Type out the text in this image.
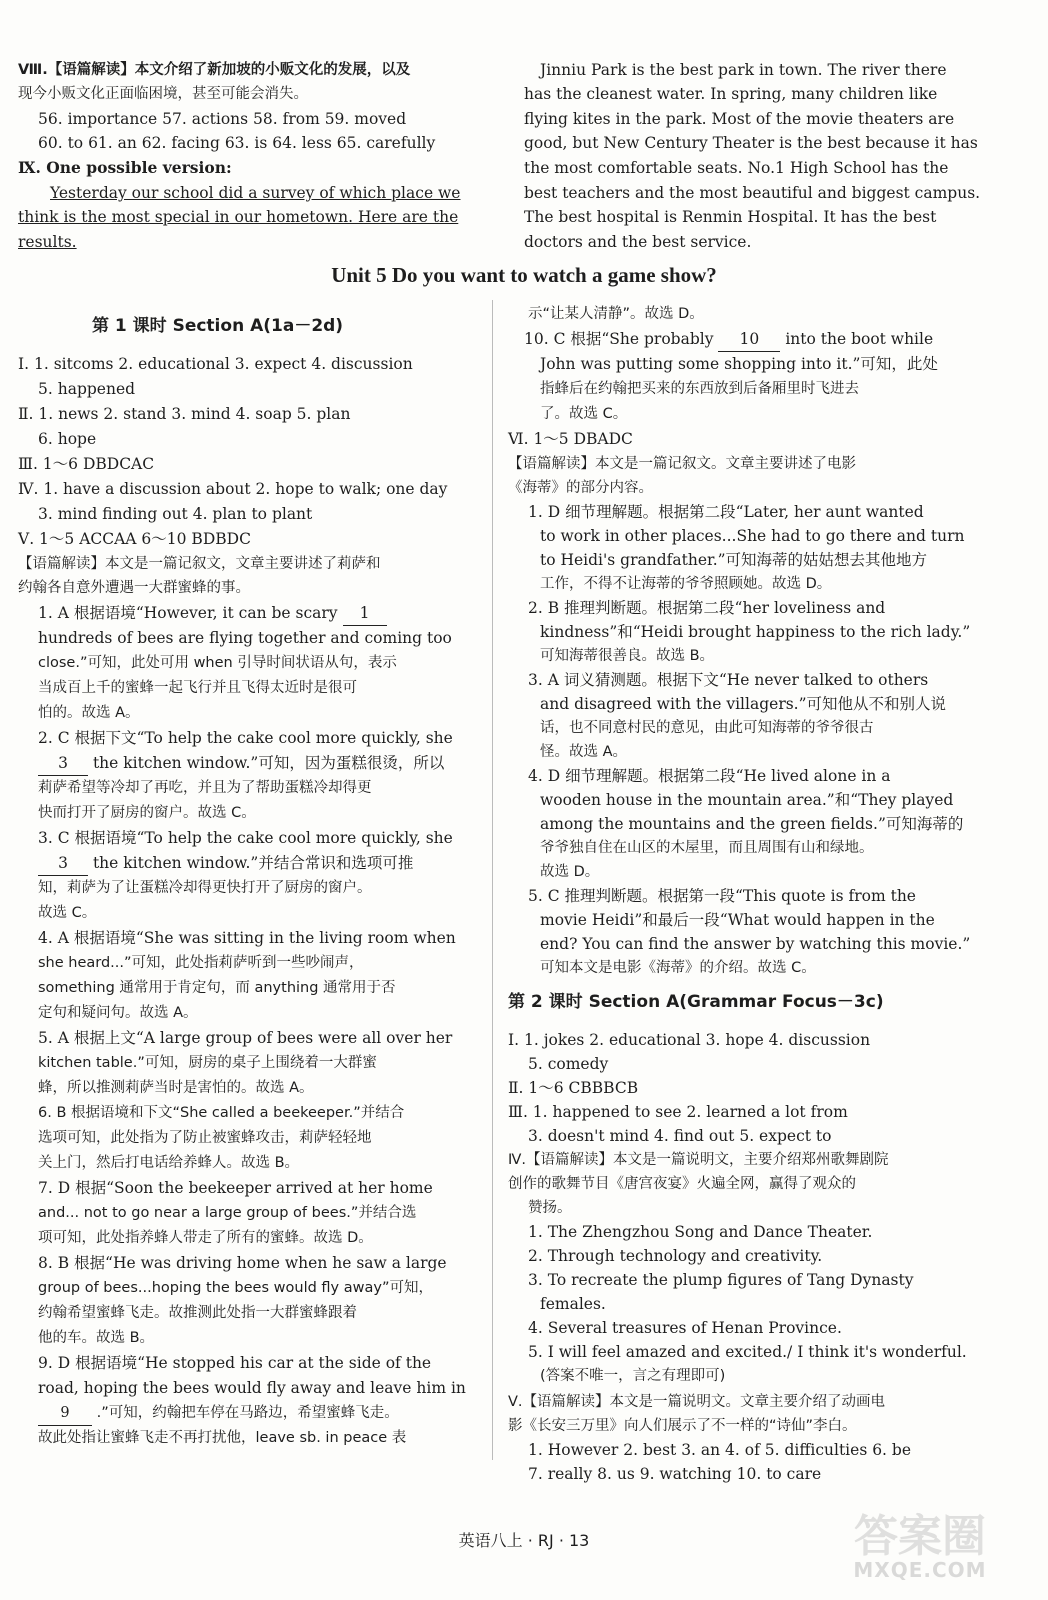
Ⅷ.【语篇解读】本文介绍了新加坡的小贩文化的发展，以及
现今小贩文化正面临困境，甚至可能会消失。
56. importance 57. actions 58. from 59. moved
60. to 61. an 62. facing 63. is 64. less 65. carefully
Ⅸ. One possible version:
Yesterday our school did a survey of which place we
think is the most special in our hometown. Here are the
results.
Jinniu Park is the best park in town. The river there
has the cleanest water. In spring, many children like
flying kites in the park. Most of the movie theaters are
good, but New Century Theater is the best because it has
the most comfortable seats. No.1 High School has the
best teachers and the most beautiful and biggest campus.
The best hospital is Renmin Hospital. It has the best
doctors and the best service.
Unit 5 Do you want to watch a game show?
第 1 课时 Section A(1a－2d)
Ⅰ. 1. sitcoms 2. educational 3. expect 4. discussion
5. happened
Ⅱ. 1. news 2. stand 3. mind 4. soap 5. plan
6. hope
Ⅲ. 1～6 DBDCAC
Ⅳ. 1. have a discussion about 2. hope to walk; one day
3. mind finding out 4. plan to plant
Ⅴ. 1～5 ACCAA 6～10 BDBDC
【语篇解读】本文是一篇记叙文，文章主要讲述了莉萨和
约翰各自意外遭遇一大群蜜蜂的事。
1. A 根据语境“However, it can be scary 1
hundreds of bees are flying together and coming too
close.”可知，此处可用 when 引导时间状语从句，表示
当成百上千的蜜蜂一起飞行并且飞得太近时是很可
怕的。故选 A。
2. C 根据下文“To help the cake cool more quickly, she
3 the kitchen window.”可知，因为蛋糕很烫，所以
莉萨希望等冷却了再吃，并且为了帮助蛋糕冷却得更
快而打开了厨房的窗户。故选 C。
3. C 根据语境“To help the cake cool more quickly, she
3 the kitchen window.”并结合常识和选项可推
知，莉萨为了让蛋糕冷却得更快打开了厨房的窗户。
故选 C。
4. A 根据语境“She was sitting in the living room when
she heard...”可知，此处指莉萨听到一些吵闹声，
something 通常用于肯定句，而 anything 通常用于否
定句和疑问句。故选 A。
5. A 根据上文“A large group of bees were all over her
kitchen table.”可知，厨房的桌子上围绕着一大群蜜
蜂，所以推测莉萨当时是害怕的。故选 A。
6. B 根据语境和下文“She called a beekeeper.”并结合
选项可知，此处指为了防止被蜜蜂攻击，莉萨轻轻地
关上门，然后打电话给养蜂人。故选 B。
7. D 根据“Soon the beekeeper arrived at her home
and... not to go near a large group of bees.”并结合选
项可知，此处指养蜂人带走了所有的蜜蜂。故选 D。
8. B 根据“He was driving home when he saw a large
group of bees...hoping the bees would fly away”可知，
约翰希望蜜蜂飞走。故推测此处指一大群蜜蜂跟着
他的车。故选 B。
9. D 根据语境“He stopped his car at the side of the
road, hoping the bees would fly away and leave him in
9 .”可知，约翰把车停在马路边，希望蜜蜂飞走。
故此处指让蜜蜂飞走不再打扰他，leave sb. in peace 表
示“让某人清静”。故选 D。
10. C 根据“She probably 10 into the boot while
John was putting some shopping into it.”可知，此处
指蜂后在约翰把买来的东西放到后备厢里时飞进去
了。故选 C。
Ⅵ. 1～5 DBADC
【语篇解读】本文是一篇记叙文。文章主要讲述了电影
《海蒂》的部分内容。
1. D 细节理解题。根据第二段“Later, her aunt wanted
to work in other places...She had to go there and turn
to Heidi's grandfather.”可知海蒂的姑姑想去其他地方
工作，不得不让海蒂的爷爷照顾她。故选 D。
2. B 推理判断题。根据第二段“her loveliness and
kindness”和“Heidi brought happiness to the rich lady.”
可知海蒂很善良。故选 B。
3. A 词义猜测题。根据下文“He never talked to others
and disagreed with the villagers.”可知他从不和别人说
话，也不同意村民的意见，由此可知海蒂的爷爷很古
怪。故选 A。
4. D 细节理解题。根据第二段“He lived alone in a
wooden house in the mountain area.”和“They played
among the mountains and the green fields.”可知海蒂的
爷爷独自住在山区的木屋里，而且周围有山和绿地。
故选 D。
5. C 推理判断题。根据第一段“This quote is from the
movie Heidi”和最后一段“What would happen in the
end? You can find the answer by watching this movie.”
可知本文是电影《海蒂》的介绍。故选 C。
第 2 课时 Section A(Grammar Focus－3c)
Ⅰ. 1. jokes 2. educational 3. hope 4. discussion
5. comedy
Ⅱ. 1～6 CBBBCB
Ⅲ. 1. happened to see 2. learned a lot from
3. doesn't mind 4. find out 5. expect to
Ⅳ.【语篇解读】本文是一篇说明文，主要介绍郑州歌舞剧院
创作的歌舞节目《唐宫夜宴》火遍全网，赢得了观众的
赞扬。
1. The Zhengzhou Song and Dance Theater.
2. Through technology and creativity.
3. To recreate the plump figures of Tang Dynasty
females.
4. Several treasures of Henan Province.
5. I will feel amazed and excited./ I think it's wonderful.
(答案不唯一，言之有理即可)
Ⅴ.【语篇解读】本文是一篇说明文。文章主要介绍了动画电
影《长安三万里》向人们展示了不一样的“诗仙”李白。
1. However 2. best 3. an 4. of 5. difficulties 6. be
7. really 8. us 9. watching 10. to care
英语八上 · RJ · 13	答案圈
MXQE.COM
